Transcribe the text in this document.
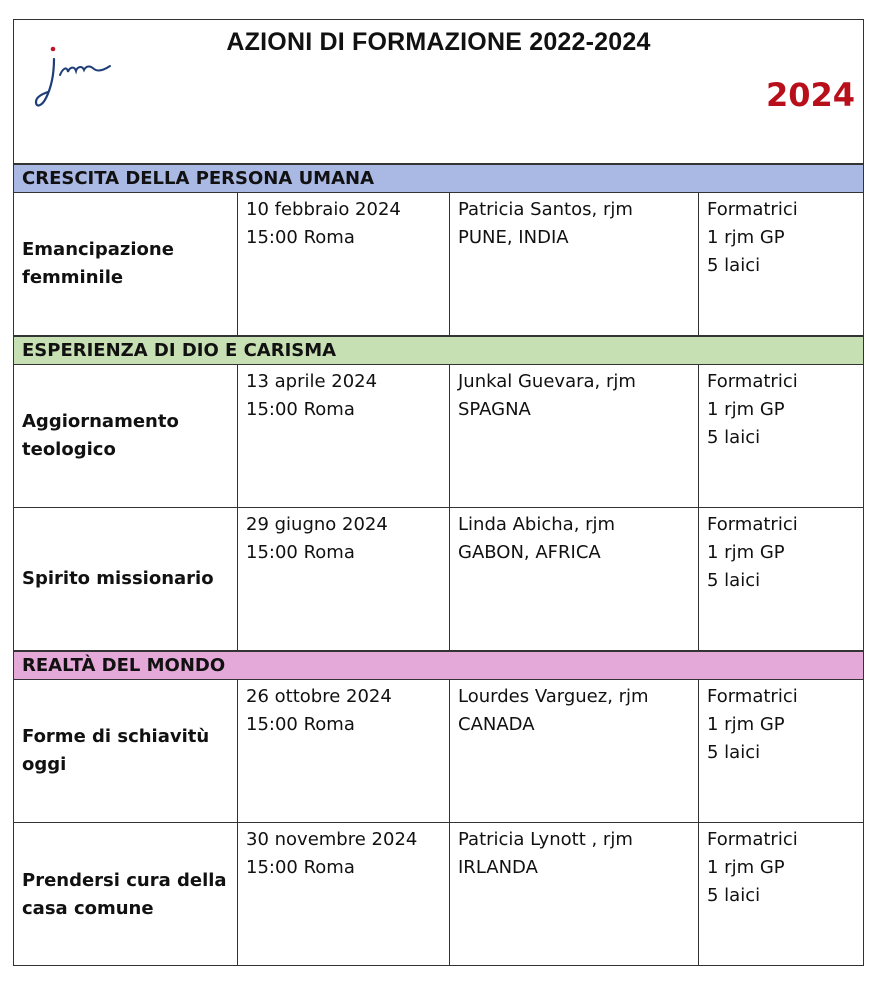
AZIONI DI FORMAZIONE 2022-2024
2024
CRESCITA DELLA PERSONA UMANA
Emancipazione femminile
10 febbraio 2024
15:00 Roma
Patricia Santos, rjm
PUNE, INDIA
Formatrici
1 rjm GP
5 laici
ESPERIENZA DI DIO E CARISMA
Aggiornamento teologico
13 aprile 2024
15:00 Roma
Junkal Guevara, rjm
SPAGNA
Formatrici
1 rjm GP
5 laici
Spirito missionario
29 giugno 2024
15:00 Roma
Linda Abicha, rjm
GABON, AFRICA
Formatrici
1 rjm GP
5 laici
REALTÀ DEL MONDO
Forme di schiavitù oggi
26 ottobre 2024
15:00 Roma
Lourdes Varguez, rjm
CANADA
Formatrici
1 rjm GP
5 laici
Prendersi cura della casa comune
30 novembre 2024
15:00 Roma
Patricia Lynott , rjm
IRLANDA
Formatrici
1 rjm GP
5 laici
